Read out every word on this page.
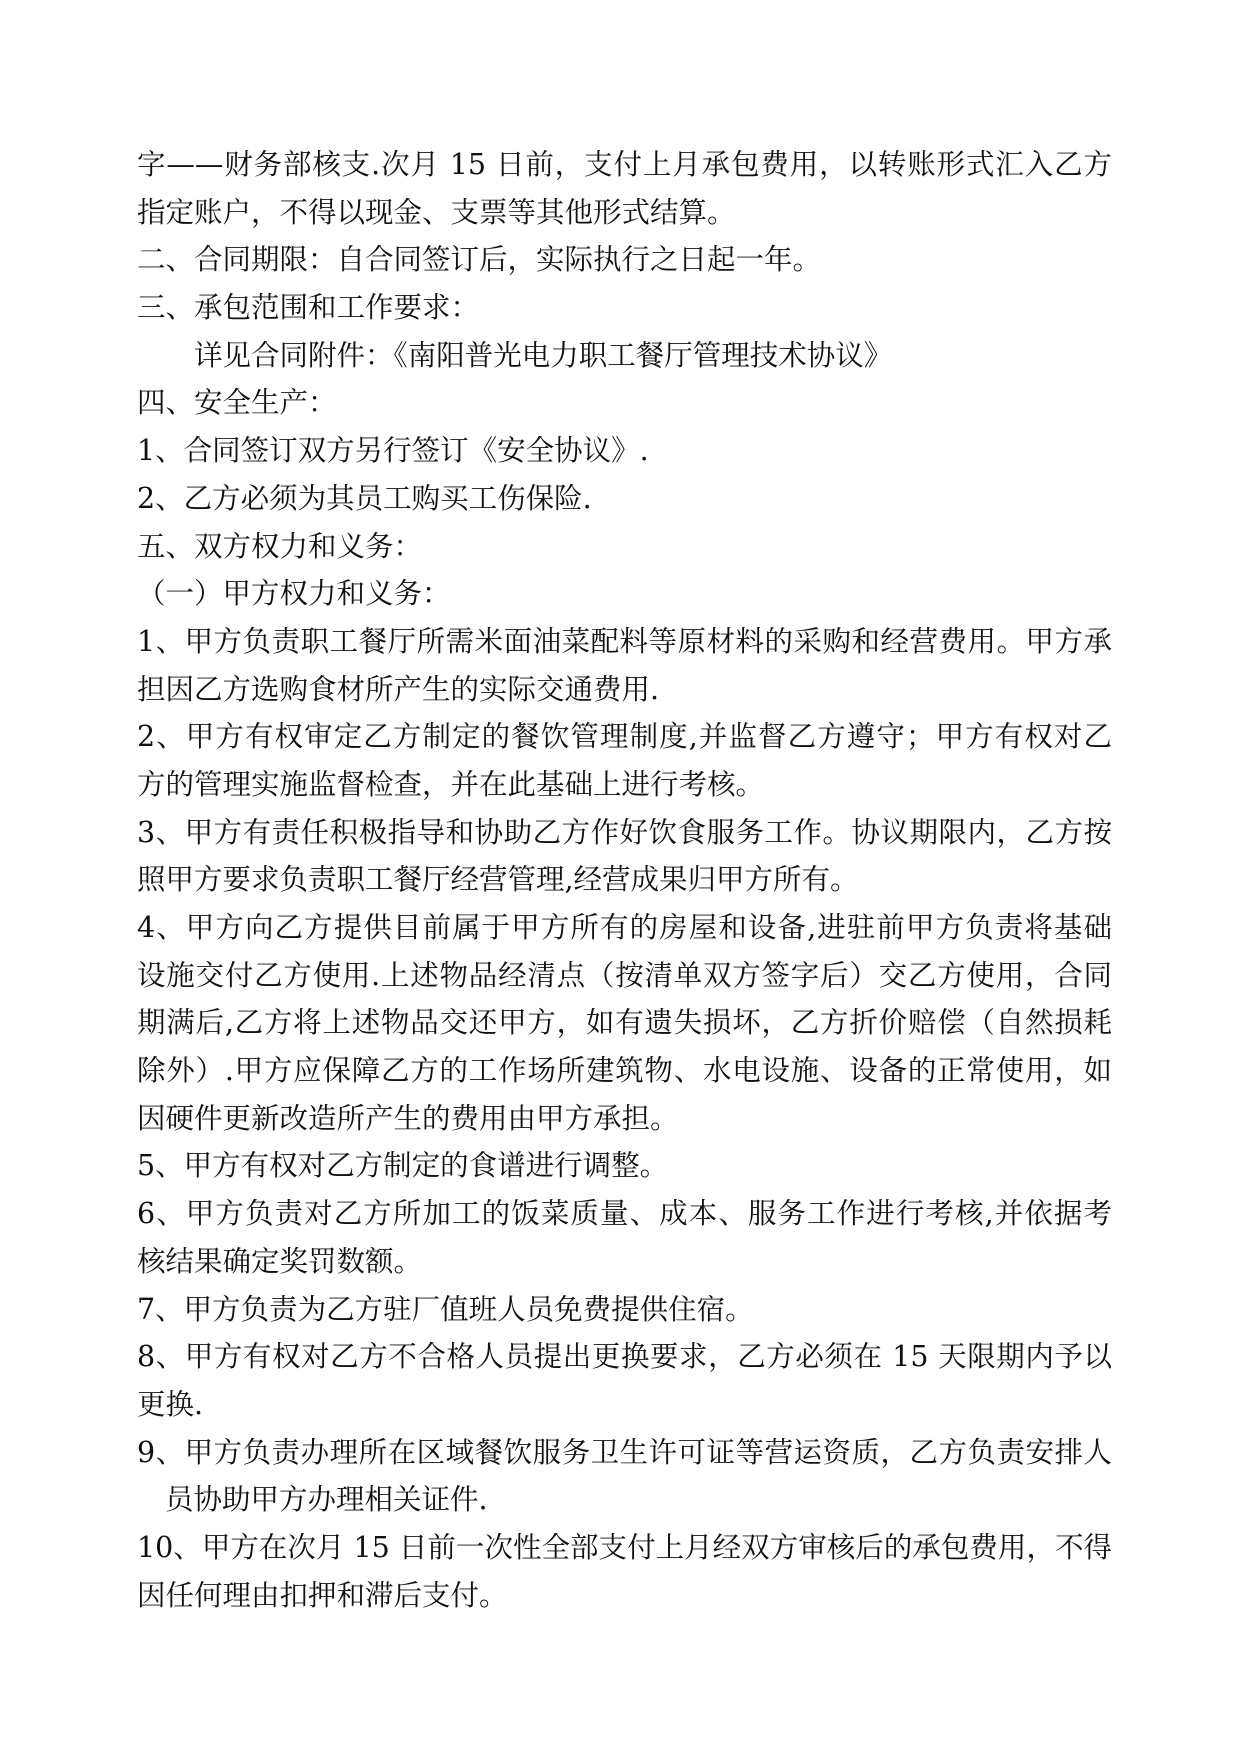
字——财务部核支.次月 15 日前，支付上月承包费用，以转账形式汇入乙方
指定账户，不得以现金、支票等其他形式结算。
二、合同期限：自合同签订后，实际执行之日起一年。
三、承包范围和工作要求：
详见合同附件：《南阳普光电力职工餐厅管理技术协议》
四、安全生产：
1、合同签订双方另行签订《安全协议》.
2、乙方必须为其员工购买工伤保险.
五、双方权力和义务：
（一）甲方权力和义务：
1、甲方负责职工餐厅所需米面油菜配料等原材料的采购和经营费用。甲方承
担因乙方选购食材所产生的实际交通费用.
2、甲方有权审定乙方制定的餐饮管理制度,并监督乙方遵守；甲方有权对乙
方的管理实施监督检查，并在此基础上进行考核。
3、甲方有责任积极指导和协助乙方作好饮食服务工作。协议期限内，乙方按
照甲方要求负责职工餐厅经营管理,经营成果归甲方所有。
4、甲方向乙方提供目前属于甲方所有的房屋和设备,进驻前甲方负责将基础
设施交付乙方使用.上述物品经清点（按清单双方签字后）交乙方使用，合同
期满后,乙方将上述物品交还甲方，如有遗失损坏，乙方折价赔偿（自然损耗
除外）.甲方应保障乙方的工作场所建筑物、水电设施、设备的正常使用，如
因硬件更新改造所产生的费用由甲方承担。
5、甲方有权对乙方制定的食谱进行调整。
6、甲方负责对乙方所加工的饭菜质量、成本、服务工作进行考核,并依据考
核结果确定奖罚数额。
7、甲方负责为乙方驻厂值班人员免费提供住宿。
8、甲方有权对乙方不合格人员提出更换要求，乙方必须在 15 天限期内予以
更换.
9、甲方负责办理所在区域餐饮服务卫生许可证等营运资质，乙方负责安排人
员协助甲方办理相关证件.
10、甲方在次月 15 日前一次性全部支付上月经双方审核后的承包费用，不得
因任何理由扣押和滞后支付。
